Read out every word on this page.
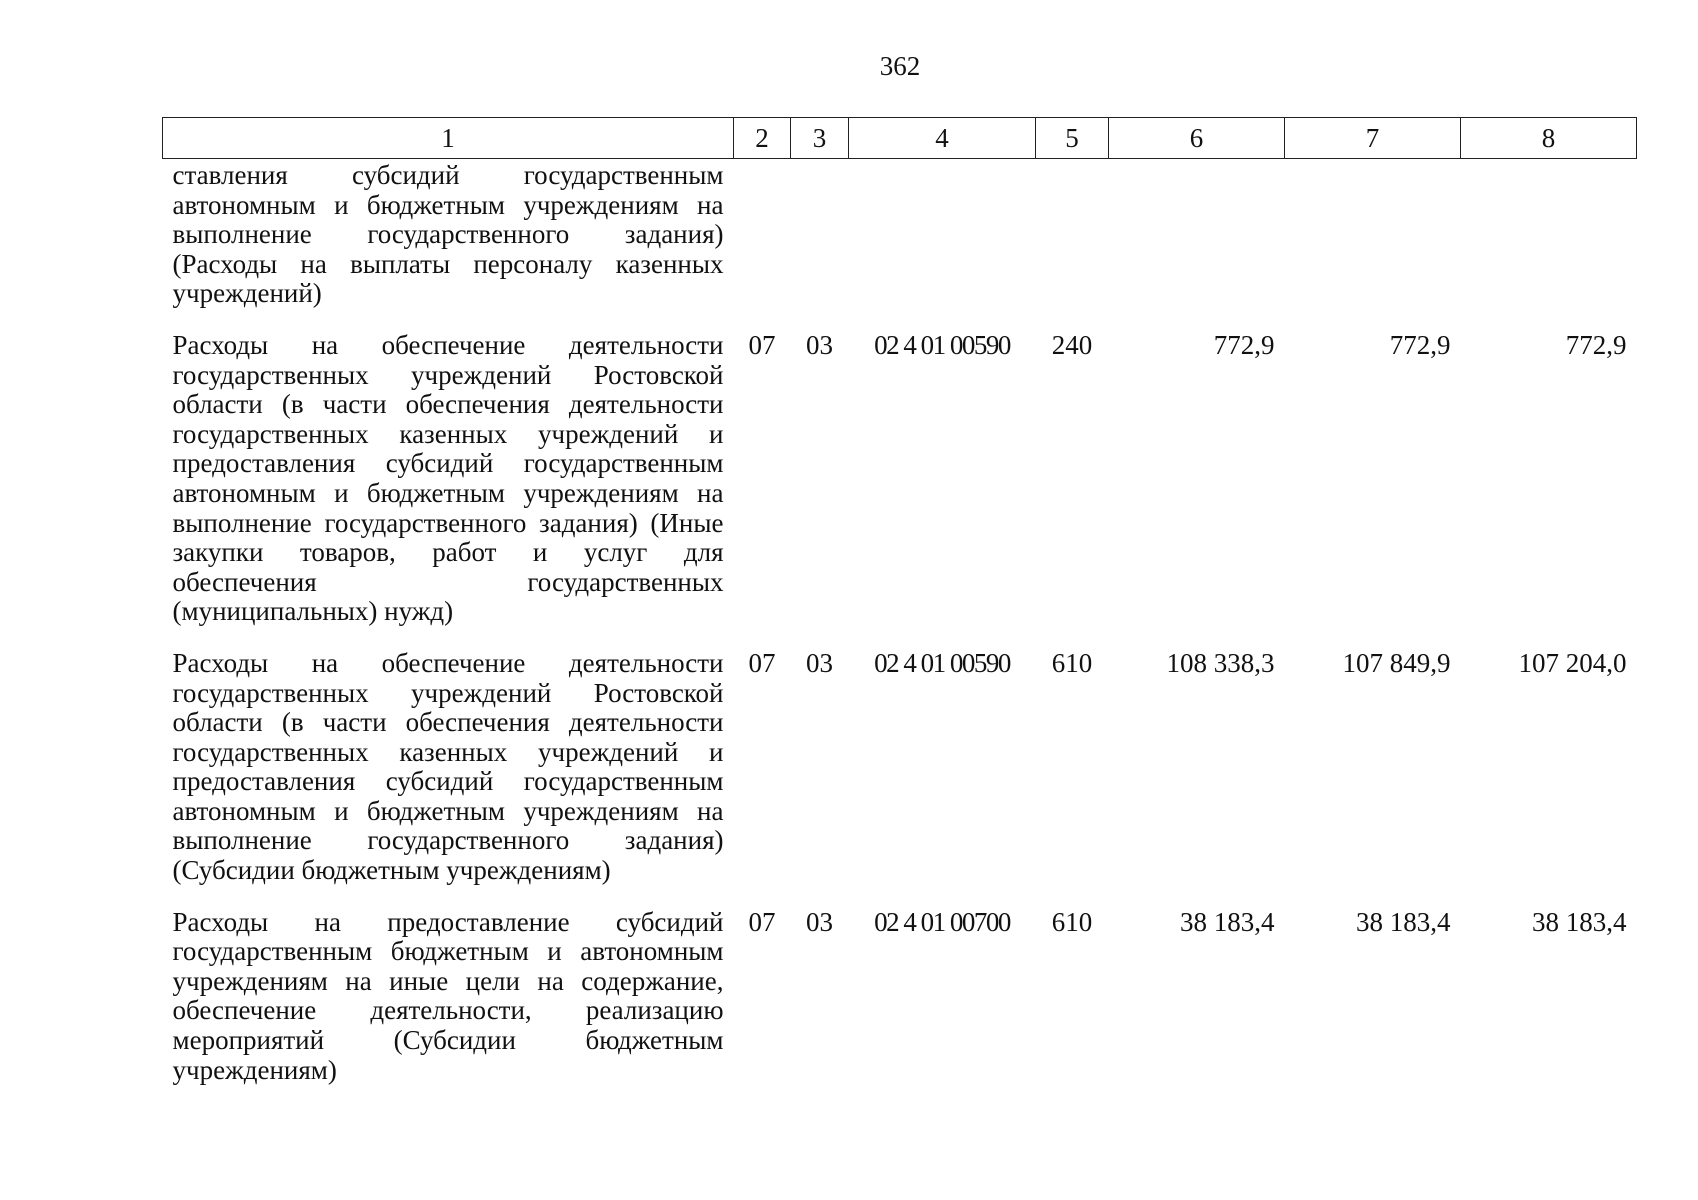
362
1	2	3	4	5	6	7	8
ставления субсидий государственным автономным и бюджетным учреждениям на выполнение государственного задания) (Расходы на выплаты персоналу казенных учреждений)							
Расходы на обеспечение деятельности государственных учреждений Ростовской области (в части обеспечения деятельности государственных казенных учреждений и предоставления субсидий государственным автономным и бюджетным учреждениям на выполнение государственного задания) (Иные закупки товаров, работ и услуг для обеспечения государственных (муниципальных) нужд)	07	03	02 4 01 00590	240	772,9	772,9	772,9
Расходы на обеспечение деятельности государственных учреждений Ростовской области (в части обеспечения деятельности государственных казенных учреждений и предоставления субсидий государственным автономным и бюджетным учреждениям на выполнение государственного задания) (Субсидии бюджетным учреждениям)	07	03	02 4 01 00590	610	108 338,3	107 849,9	107 204,0
Расходы на предоставление субсидий государственным бюджетным и автономным учреждениям на иные цели на содержание, обеспечение деятельности, реализацию мероприятий (Субсидии бюджетным учреждениям)	07	03	02 4 01 00700	610	38 183,4	38 183,4	38 183,4
